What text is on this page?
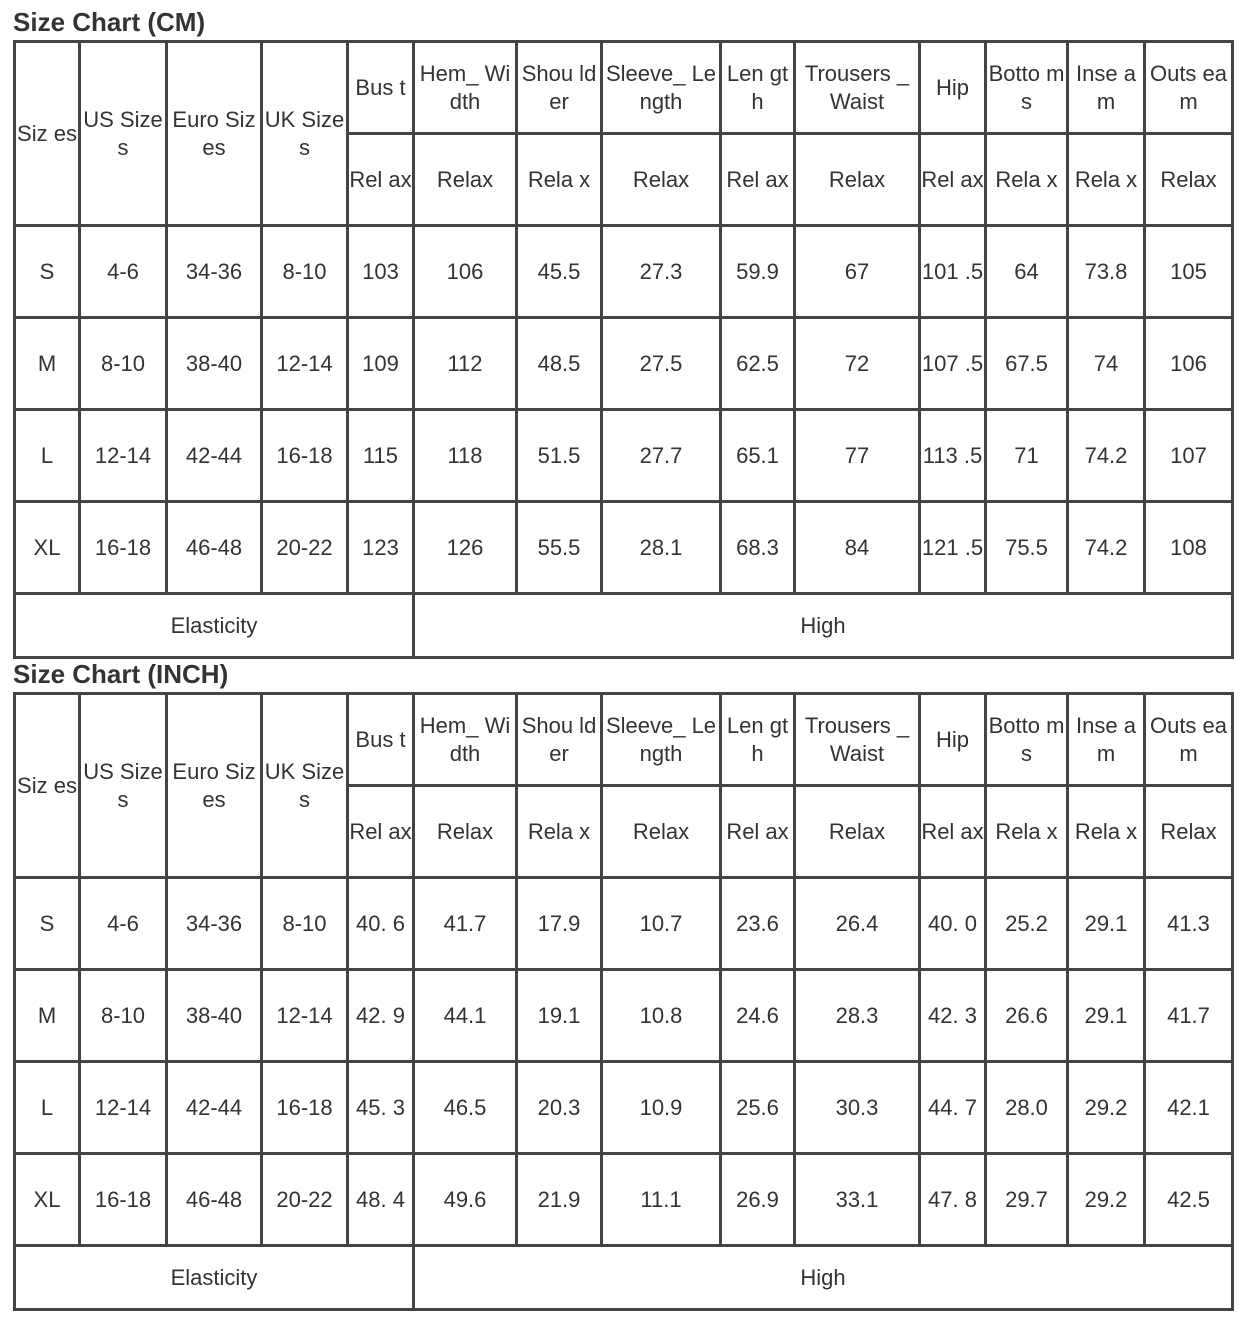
Size Chart (CM)
Siz es	US Sizes	Euro Sizes	UK Sizes	Bus t	Hem_ Width	Shou lder	Sleeve_ Length	Len gth	Trousers _Waist	Hip	Botto ms	Inse am	Outs eam
				Rel ax	Relax	Rela x	Relax	Rel ax	Relax	Rel ax	Rela x	Rela x	Relax
S	4-6	34-36	8-10	103	106	45.5	27.3	59.9	67	101 .5	64	73.8	105
M	8-10	38-40	12-14	109	112	48.5	27.5	62.5	72	107 .5	67.5	74	106
L	12-14	42-44	16-18	115	118	51.5	27.7	65.1	77	113 .5	71	74.2	107
XL	16-18	46-48	20-22	123	126	55.5	28.1	68.3	84	121 .5	75.5	74.2	108
Elasticity					High								
Size Chart (INCH)
Siz es	US Sizes	Euro Sizes	UK Sizes	Bus t	Hem_ Width	Shou lder	Sleeve_ Length	Len gth	Trousers _Waist	Hip	Botto ms	Inse am	Outs eam
				Rel ax	Relax	Rela x	Relax	Rel ax	Relax	Rel ax	Rela x	Rela x	Relax
S	4-6	34-36	8-10	40. 6	41.7	17.9	10.7	23.6	26.4	40. 0	25.2	29.1	41.3
M	8-10	38-40	12-14	42. 9	44.1	19.1	10.8	24.6	28.3	42. 3	26.6	29.1	41.7
L	12-14	42-44	16-18	45. 3	46.5	20.3	10.9	25.6	30.3	44. 7	28.0	29.2	42.1
XL	16-18	46-48	20-22	48. 4	49.6	21.9	11.1	26.9	33.1	47. 8	29.7	29.2	42.5
Elasticity					High								
